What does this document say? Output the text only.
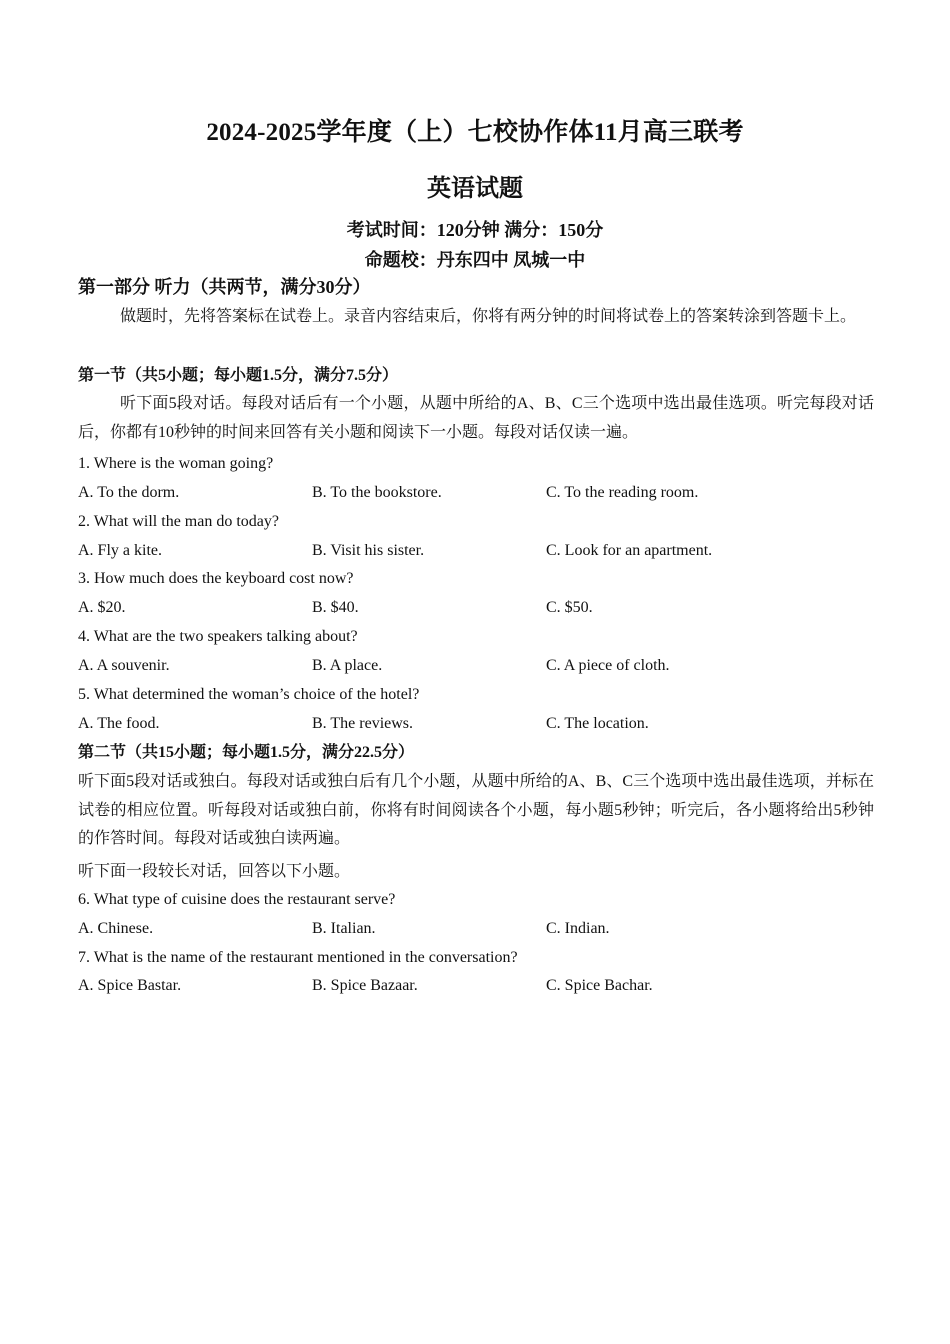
2024-2025学年度（上）七校协作体11月高三联考
英语试题
考试时间：120分钟 满分：150分
命题校：丹东四中 凤城一中
第一部分 听力（共两节，满分30分）
做题时，先将答案标在试卷上。录音内容结束后，你将有两分钟的时间将试卷上的答案转涂到答题卡上。
第一节（共5小题；每小题1.5分，满分7.5分）
听下面5段对话。每段对话后有一个小题，从题中所给的A、B、C三个选项中选出最佳选项。听完每段对话后，你都有10秒钟的时间来回答有关小题和阅读下一小题。每段对话仅读一遍。
1. Where is the woman going?
A. To the dorm.	B. To the bookstore.	C. To the reading room.
2. What will the man do today?
A. Fly a kite.	B. Visit his sister.	C. Look for an apartment.
3. How much does the keyboard cost now?
A. $20.	B. $40.	C. $50.
4. What are the two speakers talking about?
A. A souvenir.	B. A place.	C. A piece of cloth.
5. What determined the woman’s choice of the hotel?
A. The food.	B. The reviews.	C. The location.
第二节（共15小题；每小题1.5分，满分22.5分）
听下面5段对话或独白。每段对话或独白后有几个小题，从题中所给的A、B、C三个选项中选出最佳选项，并标在试卷的相应位置。听每段对话或独白前，你将有时间阅读各个小题，每小题5秒钟；听完后，各小题将给出5秒钟的作答时间。每段对话或独白读两遍。
听下面一段较长对话，回答以下小题。
6. What type of cuisine does the restaurant serve?
A. Chinese.	B. Italian.	C. Indian.
7. What is the name of the restaurant mentioned in the conversation?
A. Spice Bastar.	B. Spice Bazaar.	C. Spice Bachar.
